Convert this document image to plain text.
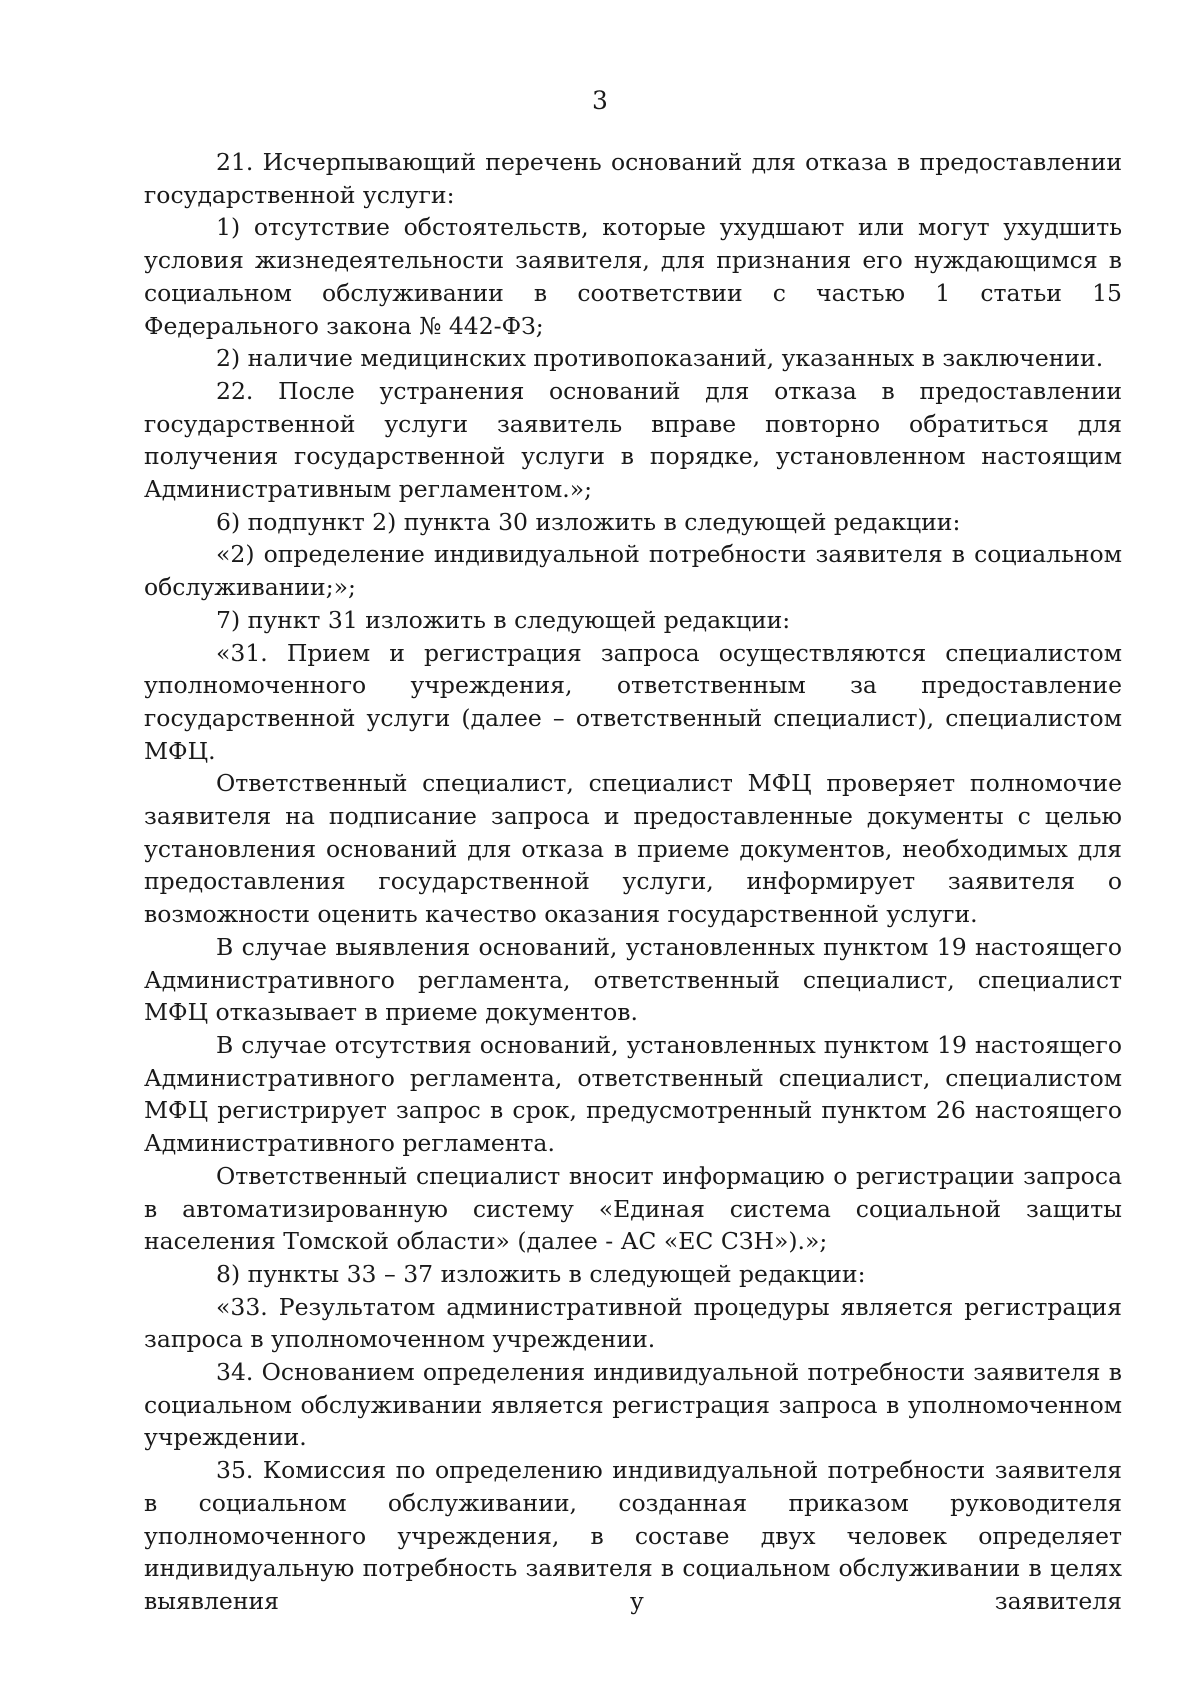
3

21. Исчерпывающий перечень оснований для отказа в предоставлении государственной услуги:

1) отсутствие обстоятельств, которые ухудшают или могут ухудшить условия жизнедеятельности заявителя, для признания его нуждающимся в социальном обслуживании в соответствии с частью 1 статьи 15 Федерального закона № 442-ФЗ;

2) наличие медицинских противопоказаний, указанных в заключении.

22. После устранения оснований для отказа в предоставлении государственной услуги заявитель вправе повторно обратиться для получения государственной услуги в порядке, установленном настоящим Административным регламентом.»;

6) подпункт 2) пункта 30 изложить в следующей редакции:

«2) определение индивидуальной потребности заявителя в социальном обслуживании;»;

7) пункт 31 изложить в следующей редакции:

«31. Прием и регистрация запроса осуществляются специалистом уполномоченного учреждения, ответственным за предоставление государственной услуги (далее – ответственный специалист), специалистом МФЦ.

Ответственный специалист, специалист МФЦ проверяет полномочие заявителя на подписание запроса и предоставленные документы с целью установления оснований для отказа в приеме документов, необходимых для предоставления государственной услуги, информирует заявителя о возможности оценить качество оказания государственной услуги.

В случае выявления оснований, установленных пунктом 19 настоящего Административного регламента, ответственный специалист, специалист МФЦ отказывает в приеме документов.

В случае отсутствия оснований, установленных пунктом 19 настоящего Административного регламента, ответственный специалист, специалистом МФЦ регистрирует запрос в срок, предусмотренный пунктом 26 настоящего Административного регламента.

Ответственный специалист вносит информацию о регистрации запроса в автоматизированную систему «Единая система социальной защиты населения Томской области» (далее - АС «ЕС СЗН»).»;

8) пункты 33 – 37 изложить в следующей редакции:

«33. Результатом административной процедуры является регистрация запроса в уполномоченном учреждении.

34. Основанием определения индивидуальной потребности заявителя в социальном обслуживании является регистрация запроса в уполномоченном учреждении.

35. Комиссия по определению индивидуальной потребности заявителя в социальном обслуживании, созданная приказом руководителя уполномоченного учреждения, в составе двух человек определяет индивидуальную потребность заявителя в социальном обслуживании в целях выявления у заявителя
